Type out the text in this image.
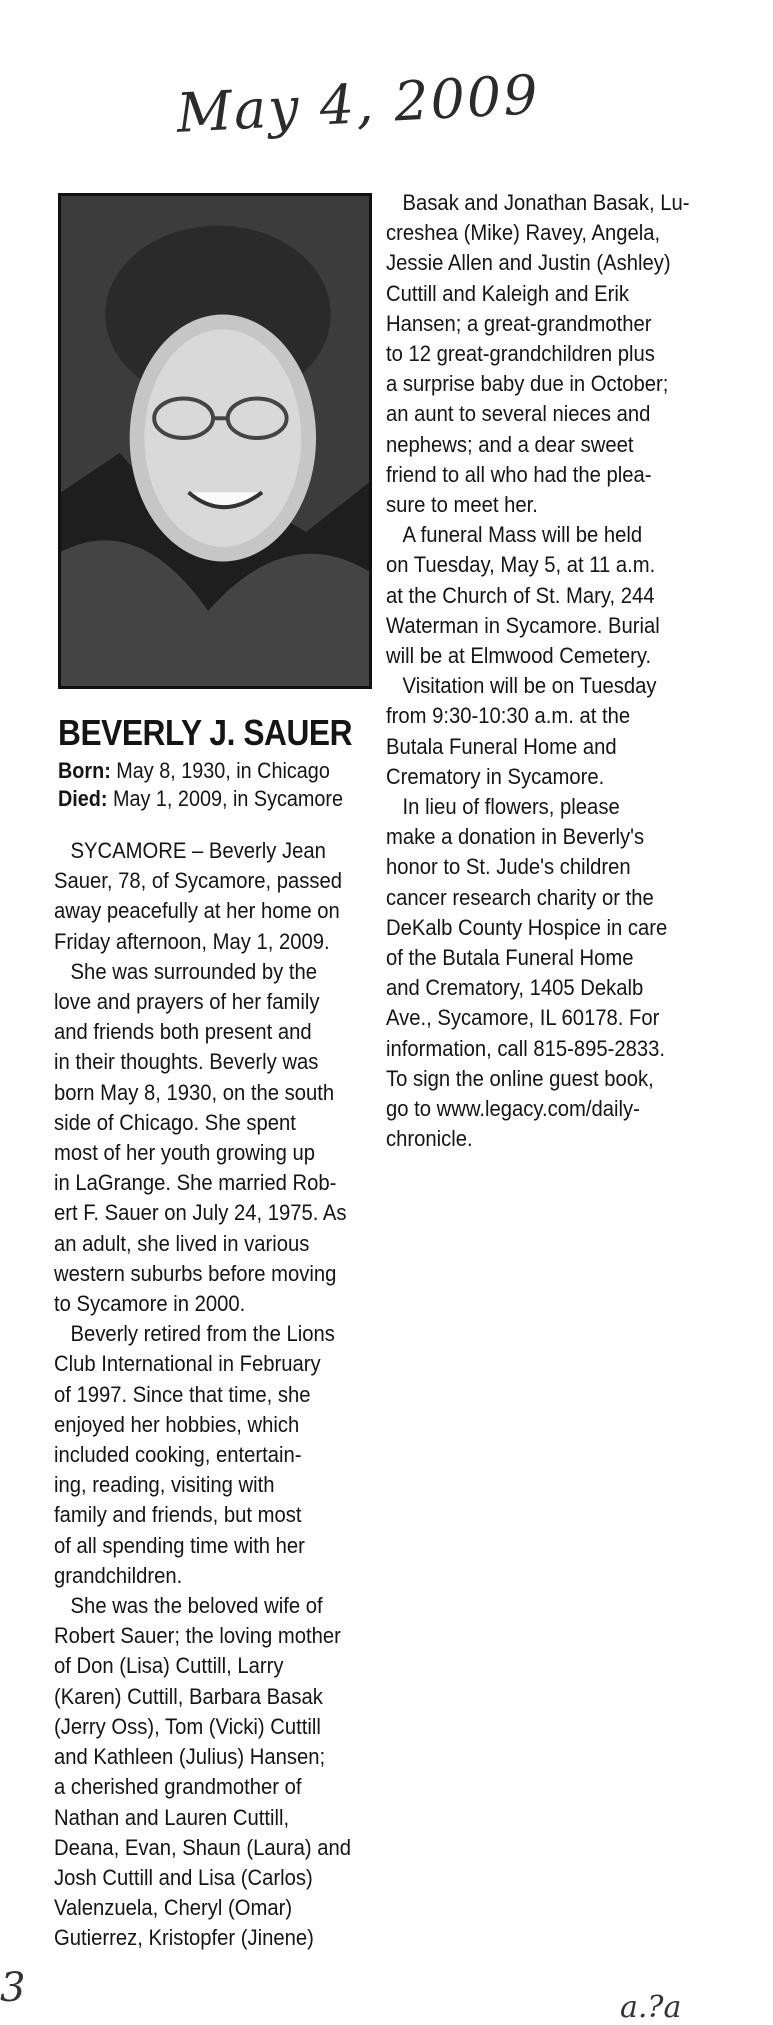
May 4, 2009
BEVERLY J. SAUER
Born: May 8, 1930, in Chicago
Died: May 1, 2009, in Sycamore

SYCAMORE – Beverly Jean
Sauer, 78, of Sycamore, passed
away peacefully at her home on
Friday afternoon, May 1, 2009.

She was surrounded by the
love and prayers of her family
and friends both present and
in their thoughts. Beverly was
born May 8, 1930, on the south
side of Chicago. She spent
most of her youth growing up
in LaGrange. She married Rob-
ert F. Sauer on July 24, 1975. As
an adult, she lived in various
western suburbs before moving
to Sycamore in 2000.

Beverly retired from the Lions
Club International in February
of 1997. Since that time, she
enjoyed her hobbies, which
included cooking, entertain-
ing, reading, visiting with
family and friends, but most
of all spending time with her
grandchildren.

She was the beloved wife of
Robert Sauer; the loving mother
of Don (Lisa) Cuttill, Larry
(Karen) Cuttill, Barbara Basak
(Jerry Oss), Tom (Vicki) Cuttill
and Kathleen (Julius) Hansen;
a cherished grandmother of
Nathan and Lauren Cuttill,
Deana, Evan, Shaun (Laura) and
Josh Cuttill and Lisa (Carlos)
Valenzuela, Cheryl (Omar)
Gutierrez, Kristopfer (Jinene)

Basak and Jonathan Basak, Lu-
creshea (Mike) Ravey, Angela,
Jessie Allen and Justin (Ashley)
Cuttill and Kaleigh and Erik
Hansen; a great-grandmother
to 12 great-grandchildren plus
a surprise baby due in October;
an aunt to several nieces and
nephews; and a dear sweet
friend to all who had the plea-
sure to meet her.

A funeral Mass will be held
on Tuesday, May 5, at 11 a.m.
at the Church of St. Mary, 244
Waterman in Sycamore. Burial
will be at Elmwood Cemetery.

Visitation will be on Tuesday
from 9:30-10:30 a.m. at the
Butala Funeral Home and
Crematory in Sycamore.

In lieu of flowers, please
make a donation in Beverly's
honor to St. Jude's children
cancer research charity or the
DeKalb County Hospice in care
of the Butala Funeral Home
and Crematory, 1405 Dekalb
Ave., Sycamore, IL 60178. For
information, call 815-895-2833.
To sign the online guest book,
go to www.legacy.com/daily-
chronicle.

3	a.?a
